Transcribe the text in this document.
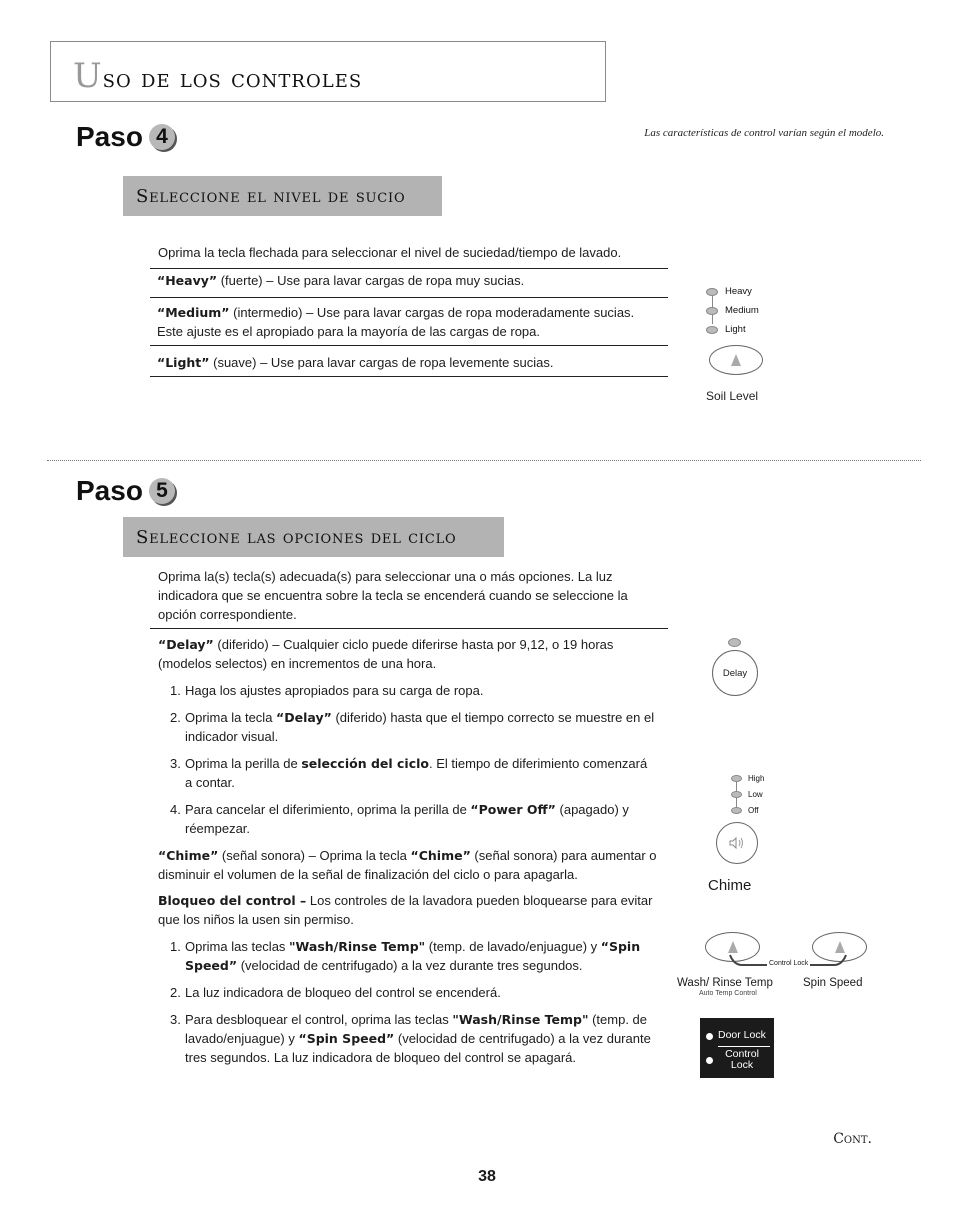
Uso de los controles
Paso 4	Las características de control varían según el modelo.
Seleccione el nivel de sucio
Oprima la tecla flechada para seleccionar el nivel de suciedad/tiempo de lavado.
“Heavy” (fuerte) – Use para lavar cargas de ropa muy sucias.
“Medium” (intermedio) – Use para lavar cargas de ropa moderadamente sucias. Este ajuste es el apropiado para la mayoría de las cargas de ropa.
“Light” (suave) – Use para lavar cargas de ropa levemente sucias.
Heavy
Medium
Light
Soil Level
Paso 5
Seleccione las opciones del ciclo
Oprima la(s) tecla(s) adecuada(s) para seleccionar una o más opciones. La luz indicadora que se encuentra sobre la tecla se encenderá cuando se seleccione la opción correspondiente.
“Delay” (diferido) – Cualquier ciclo puede diferirse hasta por 9,12, o 19 horas (modelos selectos) en incrementos de una hora.
1. Haga los ajustes apropiados para su carga de ropa.
2. Oprima la tecla “Delay” (diferido) hasta que el tiempo correcto se muestre en el indicador visual.
3. Oprima la perilla de selección del ciclo. El tiempo de diferimiento comenzará a contar.
4. Para cancelar el diferimiento, oprima la perilla de “Power Off” (apagado) y réempezar.
“Chime” (señal sonora) – Oprima la tecla “Chime” (señal sonora) para aumentar o disminuir el volumen de la señal de finalización del ciclo o para apagarla.
Bloqueo del control – Los controles de la lavadora pueden bloquearse para evitar que los niños la usen sin permiso.
1. Oprima las teclas "Wash/Rinse Temp" (temp. de lavado/enjuague) y “Spin Speed” (velocidad de centrifugado) a la vez durante tres segundos.
2. La luz indicadora de bloqueo del control se encenderá.
3. Para desbloquear el control, oprima las teclas "Wash/Rinse Temp" (temp. de lavado/enjuague) y “Spin Speed” (velocidad de centrifugado) a la vez durante tres segundos. La luz indicadora de bloqueo del control se apagará.
Delay
High
Low
Off
Chime
Control Lock
Wash/ Rinse Temp
Auto Temp Control
Spin Speed
Door Lock
Control
Lock
Cont.
38
